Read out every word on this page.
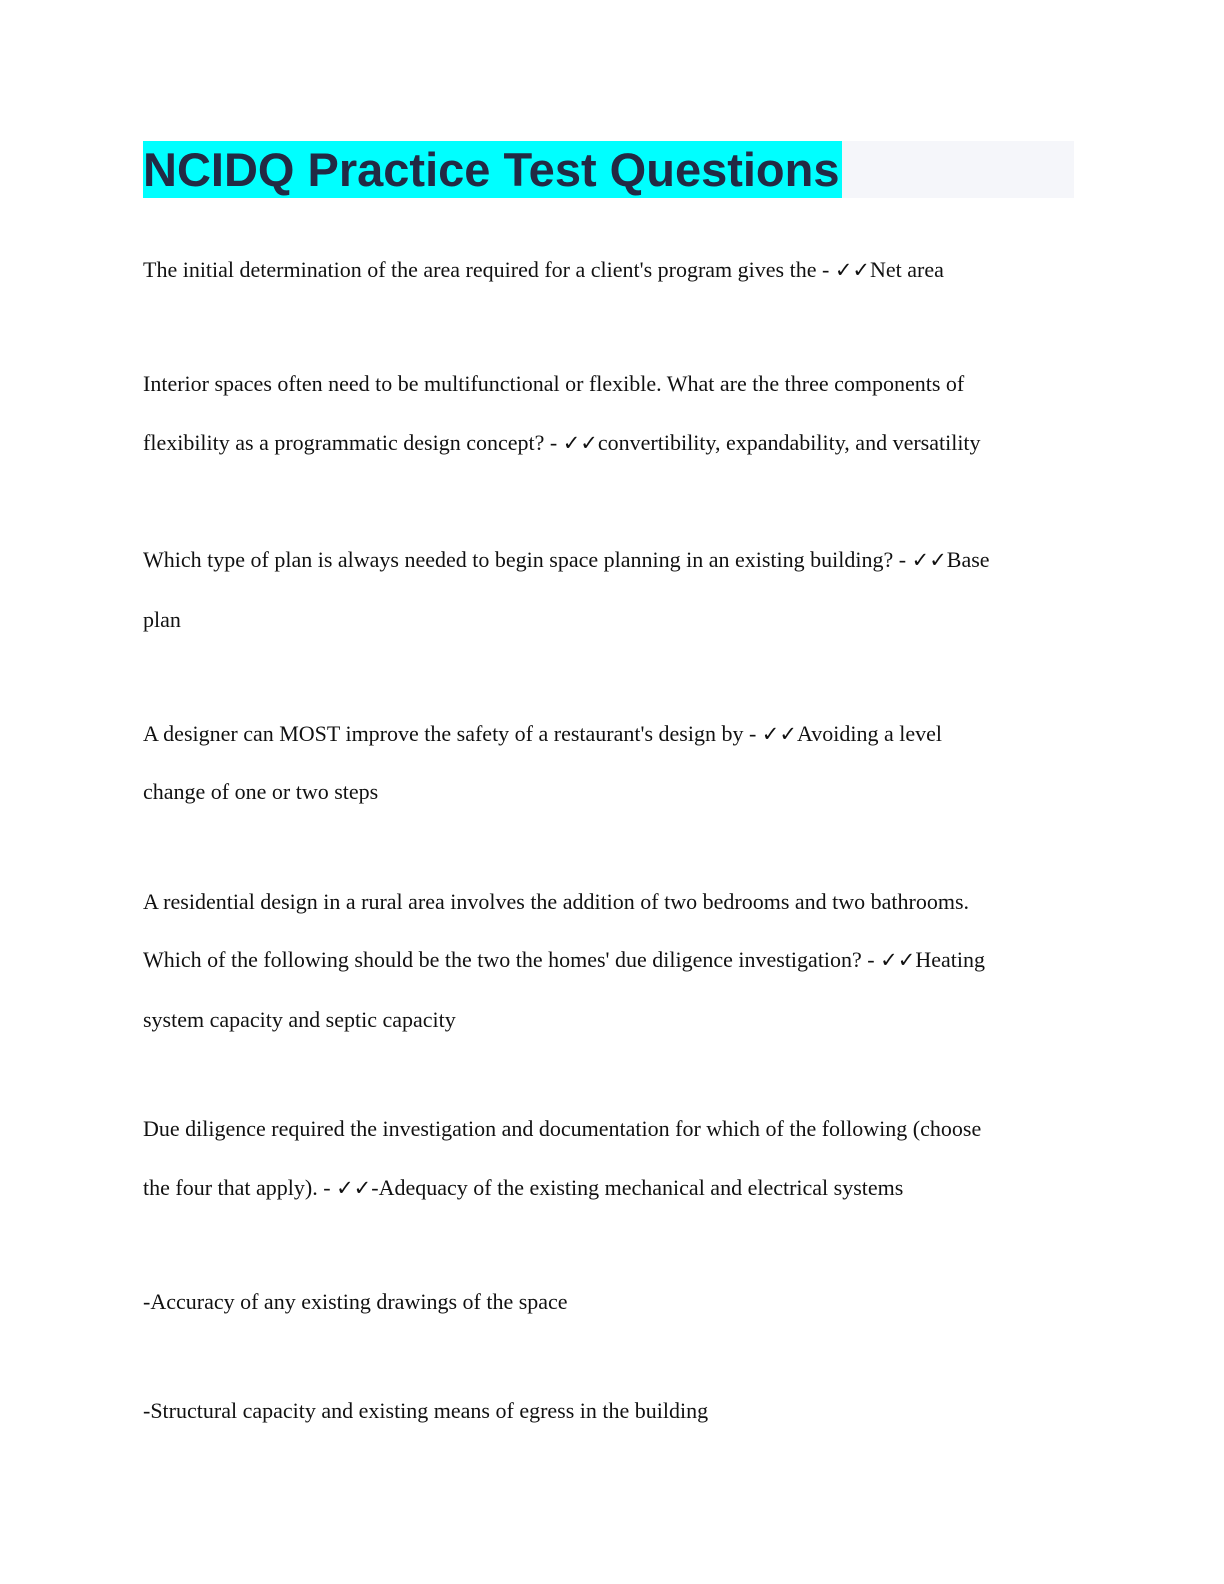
NCIDQ Practice Test Questions
The initial determination of the area required for a client's program gives the - ✓✓Net area
Interior spaces often need to be multifunctional or flexible. What are the three components of
flexibility as a programmatic design concept? - ✓✓convertibility, expandability, and versatility
Which type of plan is always needed to begin space planning in an existing building? - ✓✓Base
plan
A designer can MOST improve the safety of a restaurant's design by - ✓✓Avoiding a level
change of one or two steps
A residential design in a rural area involves the addition of two bedrooms and two bathrooms.
Which of the following should be the two the homes' due diligence investigation? - ✓✓Heating
system capacity and septic capacity
Due diligence required the investigation and documentation for which of the following (choose
the four that apply). - ✓✓-Adequacy of the existing mechanical and electrical systems
-Accuracy of any existing drawings of the space
-Structural capacity and existing means of egress in the building
